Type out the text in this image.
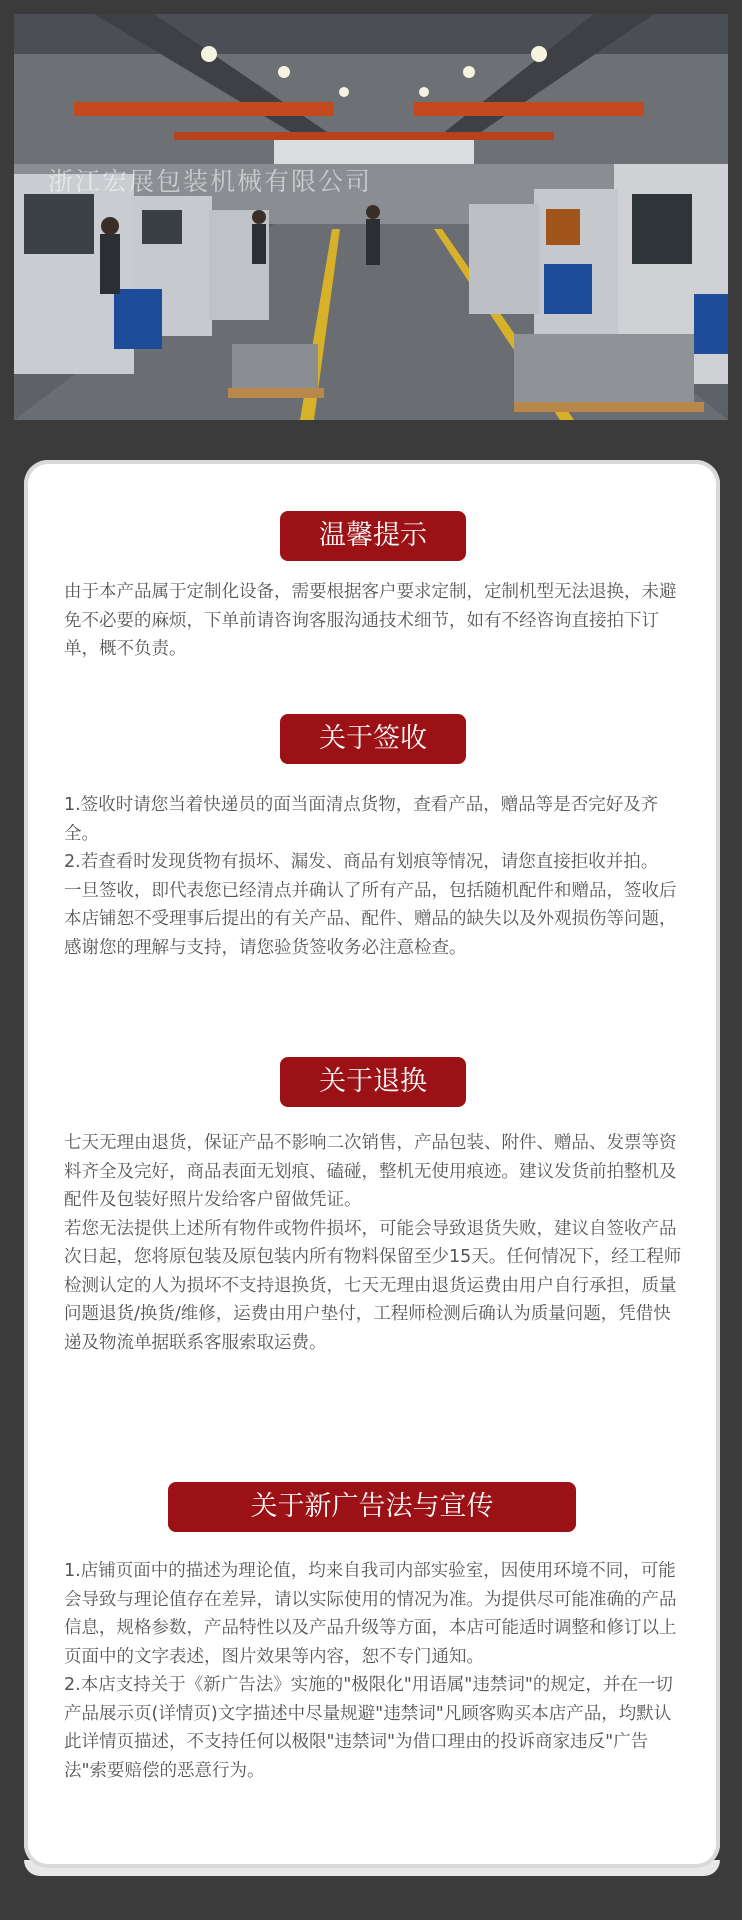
浙江宏展包装机械有限公司
温馨提示

由于本产品属于定制化设备，需要根据客户要求定制，定制机型无法退换，未避免不必要的麻烦，下单前请咨询客服沟通技术细节，如有不经咨询直接拍下订单，概不负责。

关于签收

1.签收时请您当着快递员的面当面清点货物，查看产品，赠品等是否完好及齐全。

2.若查看时发现货物有损坏、漏发、商品有划痕等情况，请您直接拒收并拍。

一旦签收，即代表您已经清点并确认了所有产品，包括随机配件和赠品，签收后本店铺恕不受理事后提出的有关产品、配件、赠品的缺失以及外观损伤等问题，感谢您的理解与支持，请您验货签收务必注意检查。

关于退换

七天无理由退货，保证产品不影响二次销售，产品包装、附件、赠品、发票等资料齐全及完好，商品表面无划痕、磕碰，整机无使用痕迹。建议发货前拍整机及配件及包装好照片发给客户留做凭证。

若您无法提供上述所有物件或物件损坏，可能会导致退货失败，建议自签收产品次日起，您将原包装及原包装内所有物料保留至少15天。任何情况下，经工程师检测认定的人为损坏不支持退换货，七天无理由退货运费由用户自行承担，质量问题退货/换货/维修，运费由用户垫付，工程师检测后确认为质量问题，凭借快递及物流单据联系客服索取运费。

关于新广告法与宣传

1.店铺页面中的描述为理论值，均来自我司内部实验室，因使用环境不同，可能会导致与理论值存在差异，请以实际使用的情况为准。为提供尽可能准确的产品信息，规格参数，产品特性以及产品升级等方面，本店可能适时调整和修订以上页面中的文字表述，图片效果等内容，恕不专门通知。

2.本店支持关于《新广告法》实施的"极限化"用语属"违禁词"的规定，并在一切产品展示页(详情页)文字描述中尽量规避"违禁词"凡顾客购买本店产品，均默认此详情页描述，不支持任何以极限"违禁词"为借口理由的投诉商家违反"广告法"索要赔偿的恶意行为。
